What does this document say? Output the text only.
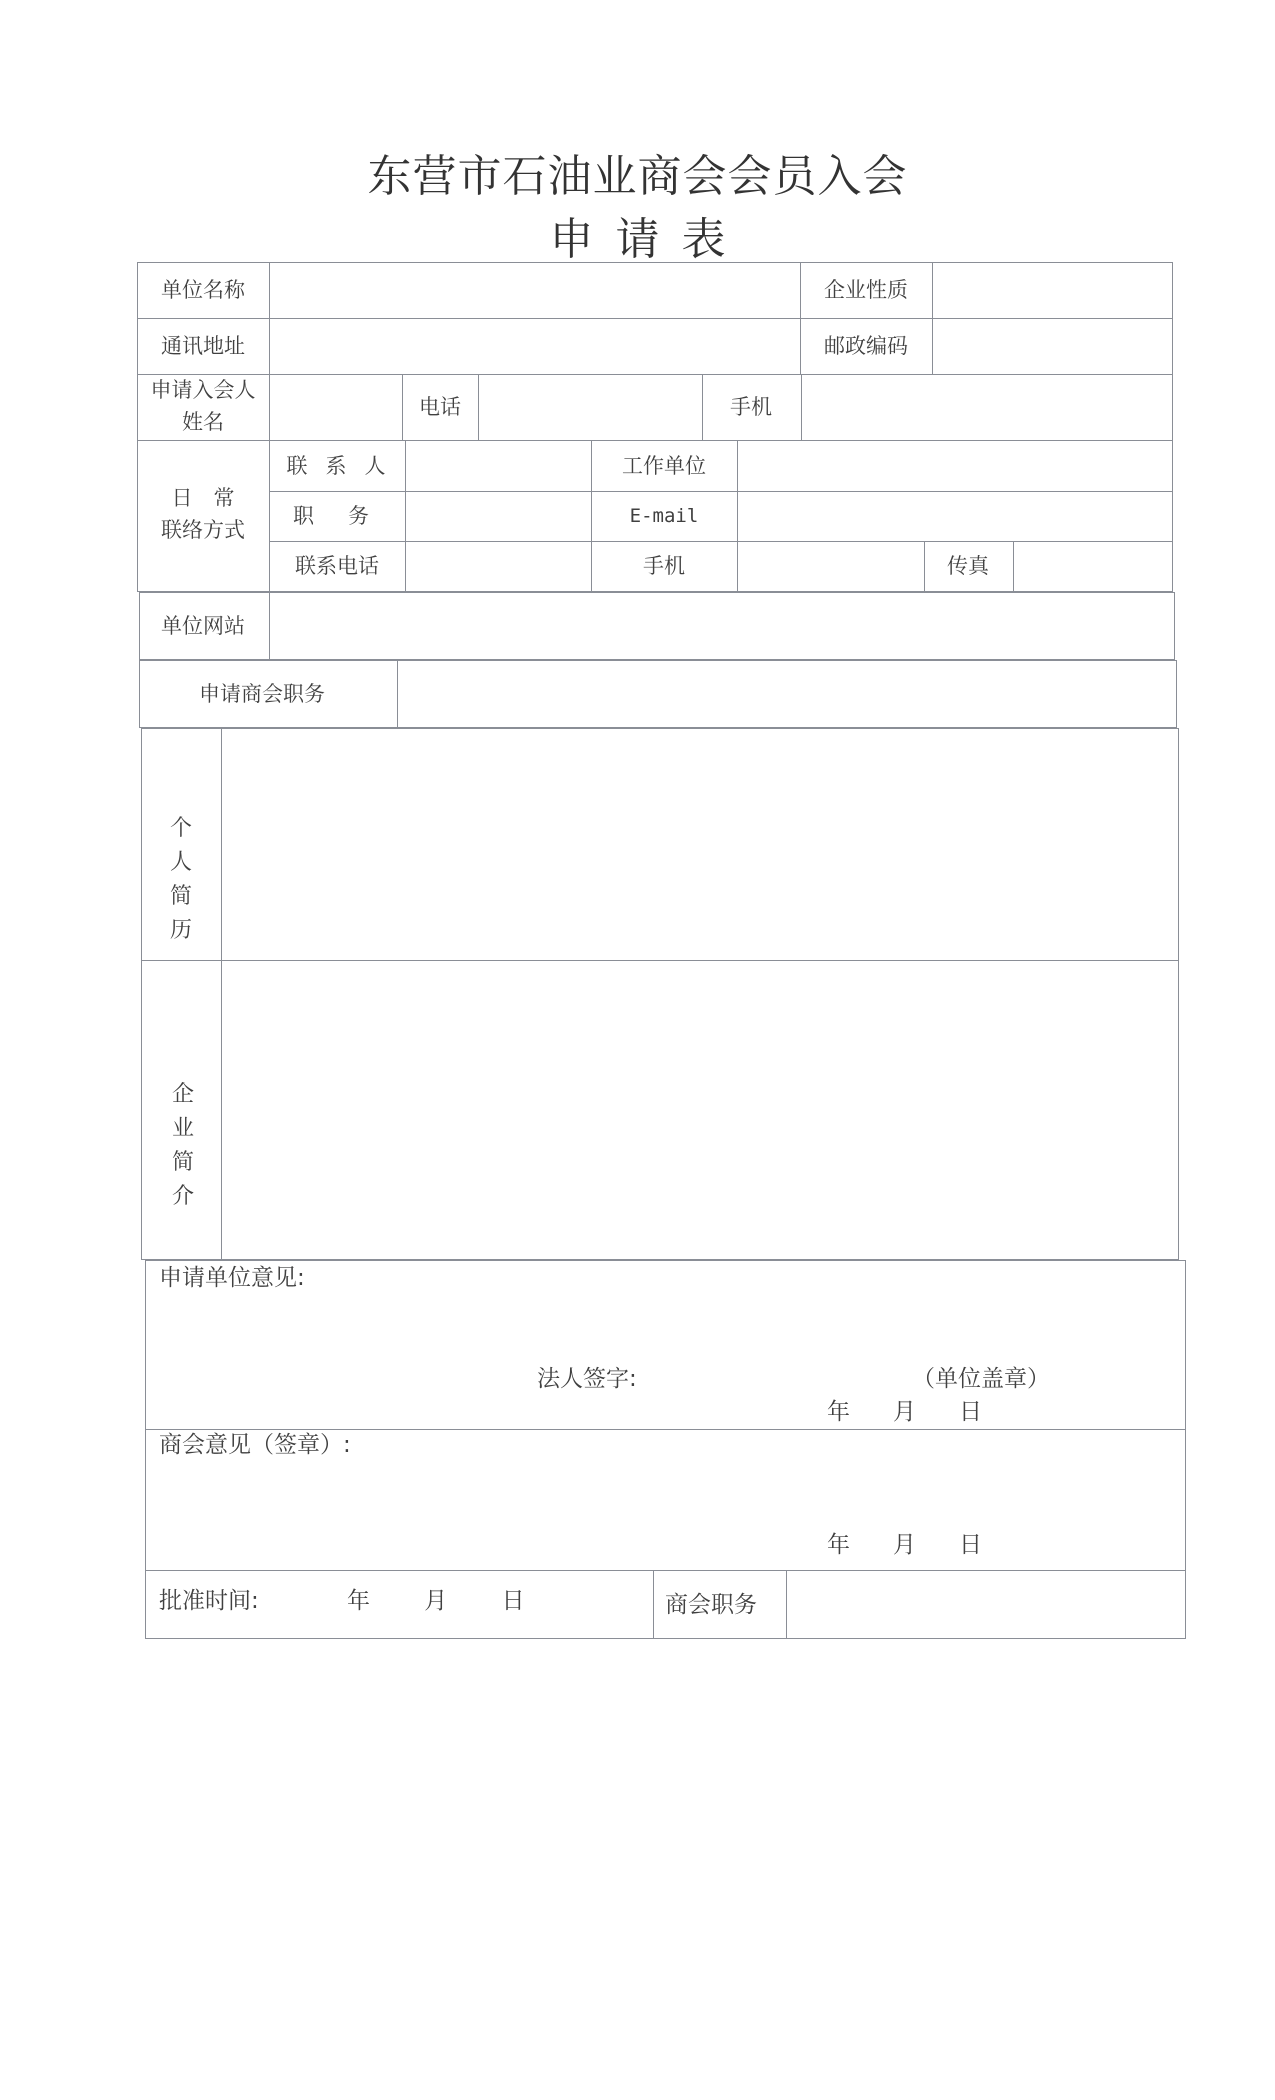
东营市石油业商会会员入会
申请表
单位名称	企业性质
通讯地址	邮政编码
申请入会人
姓名
电话	手机
日　常
联络方式
联系人	工作单位
职务	E-mail
联系电话	手机	传真
单位网站
申请商会职务
个人简历
企业简介
申请单位意见:
法人签字:	（单位盖章）
年　月　日
商会意见（签章）:
年　月　日
批准时间:	年　 月　 日	商会职务
